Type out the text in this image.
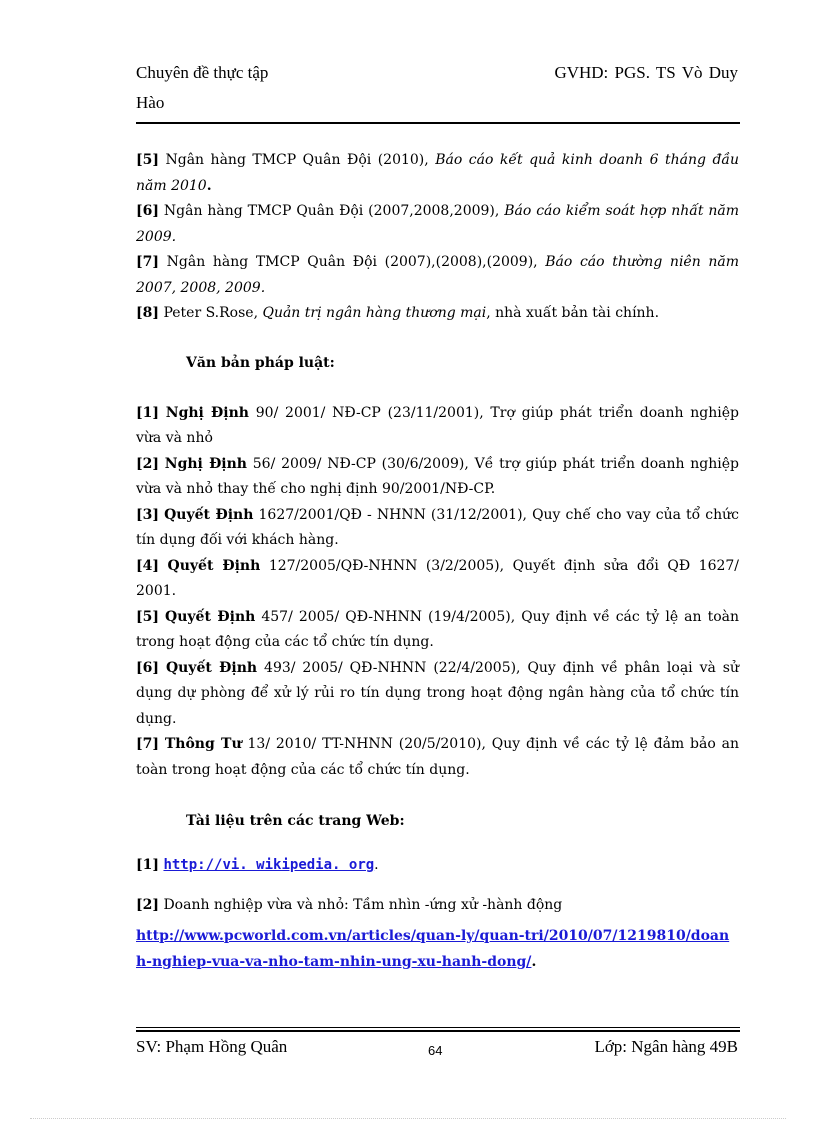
Chuyên đề thực tập	GVHD: PGS. TS Vò Duy
Hào

[5] Ngân hàng TMCP Quân Đội (2010), Báo cáo kết quả kinh doanh 6 tháng đầu năm 2010.

[6] Ngân hàng TMCP Quân Đội (2007,2008,2009), Báo cáo kiểm soát hợp nhất năm 2009.

[7] Ngân hàng TMCP Quân Đội (2007),(2008),(2009), Báo cáo thường niên năm 2007, 2008, 2009.

[8] Peter S.Rose, Quản trị ngân hàng thương mại, nhà xuất bản tài chính.

Văn bản pháp luật:

[1] Nghị Định 90/ 2001/ NĐ-CP (23/11/2001), Trợ giúp phát triển doanh nghiệp vừa và nhỏ

[2] Nghị Định 56/ 2009/ NĐ-CP (30/6/2009), Về trợ giúp phát triển doanh nghiệp vừa và nhỏ thay thế cho nghị định 90/2001/NĐ-CP.

[3] Quyết Định 1627/2001/QĐ - NHNN (31/12/2001), Quy chế cho vay của tổ chức tín dụng đối với khách hàng.

[4] Quyết Định 127/2005/QĐ-NHNN (3/2/2005), Quyết định sửa đổi QĐ 1627/ 2001.

[5] Quyết Định 457/ 2005/ QĐ-NHNN (19/4/2005), Quy định về các tỷ lệ an toàn trong hoạt động của các tổ chức tín dụng.

[6] Quyết Định 493/ 2005/ QĐ-NHNN (22/4/2005), Quy định về phân loại và sử dụng dự phòng để xử lý rủi ro tín dụng trong hoạt động ngân hàng của tổ chức tín dụng.

[7] Thông Tư 13/ 2010/ TT-NHNN (20/5/2010), Quy định về các tỷ lệ đảm bảo an toàn trong hoạt động của các tổ chức tín dụng.

Tài liệu trên các trang Web:

[1] http://vi. wikipedia. org.

[2] Doanh nghiệp vừa và nhỏ: Tầm nhìn -ứng xử -hành động

http://www.pcworld.com.vn/articles/quan-ly/quan-tri/2010/07/1219810/doanh-nghiep-vua-va-nho-tam-nhin-ung-xu-hanh-dong/.

SV: Phạm Hồng Quân	64	Lớp: Ngân hàng 49B
